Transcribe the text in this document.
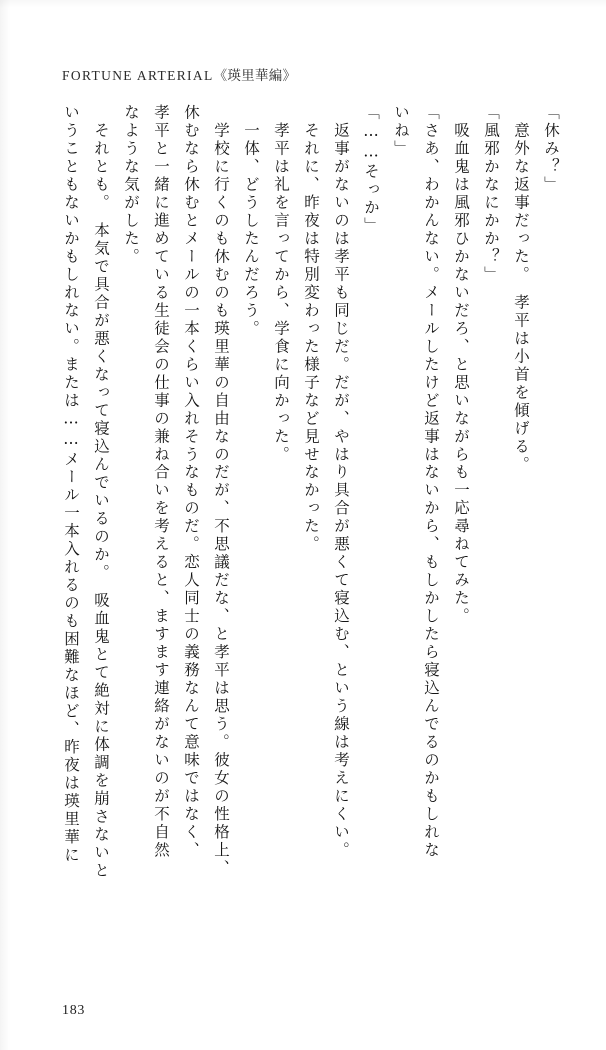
FORTUNE ARTERIAL《瑛里華編》
「休み？」
　意外な返事だった。　孝平は小首を傾げる。
「風邪かなにかか？」
　吸血鬼は風邪ひかないだろ、と思いながらも一応尋ねてみた。
「さあ、わかんない。メールしたけど返事はないから、もしかしたら寝込んでるのかもしれな
いね」
「……そっか」
　返事がないのは孝平も同じだ。だが、やはり具合が悪くて寝込む、という線は考えにくい。
　それに、昨夜は特別変わった様子など見せなかった。
　孝平は礼を言ってから、学食に向かった。
　一体、どうしたんだろう。
　学校に行くのも休むのも瑛里華の自由なのだが、不思議だな、と孝平は思う。彼女の性格上、
休むなら休むとメールの一本くらい入れそうなものだ。恋人同士の義務なんて意味ではなく、
孝平と一緒に進めている生徒会の仕事の兼ね合いを考えると、ますます連絡がないのが不自然
なような気がした。
　それとも。　本気で具合が悪くなって寝込んでいるのか。　吸血鬼とて絶対に体調を崩さないと
いうこともないかもしれない。または……メール一本入れるのも困難なほど、昨夜は瑛里華に
183
